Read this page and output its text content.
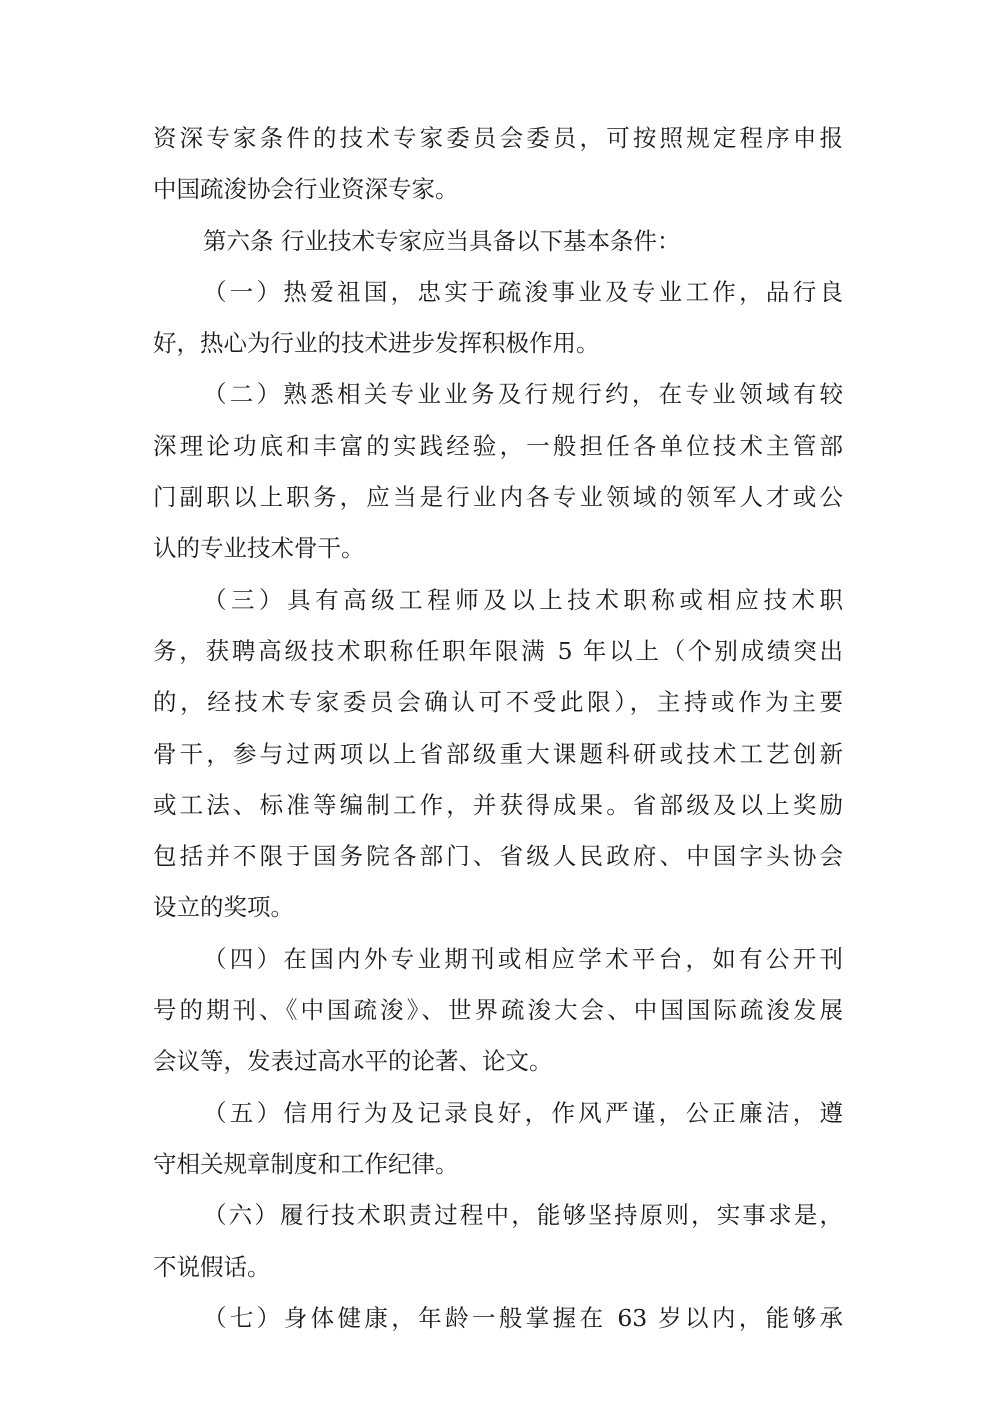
资深专家条件的技术专家委员会委员，可按照规定程序申报
中国疏浚协会行业资深专家。
第六条 行业技术专家应当具备以下基本条件：
（一）热爱祖国，忠实于疏浚事业及专业工作，品行良
好，热心为行业的技术进步发挥积极作用。
（二）熟悉相关专业业务及行规行约，在专业领域有较
深理论功底和丰富的实践经验，一般担任各单位技术主管部
门副职以上职务，应当是行业内各专业领域的领军人才或公
认的专业技术骨干。
（三）具有高级工程师及以上技术职称或相应技术职
务，获聘高级技术职称任职年限满 5 年以上（个别成绩突出
的，经技术专家委员会确认可不受此限），主持或作为主要
骨干，参与过两项以上省部级重大课题科研或技术工艺创新
或工法、标准等编制工作，并获得成果。省部级及以上奖励
包括并不限于国务院各部门、省级人民政府、中国字头协会
设立的奖项。
（四）在国内外专业期刊或相应学术平台，如有公开刊
号的期刊、《中国疏浚》、世界疏浚大会、中国国际疏浚发展
会议等，发表过高水平的论著、论文。
（五）信用行为及记录良好，作风严谨，公正廉洁，遵
守相关规章制度和工作纪律。
（六）履行技术职责过程中，能够坚持原则，实事求是，
不说假话。
（七）身体健康，年龄一般掌握在 63 岁以内，能够承
